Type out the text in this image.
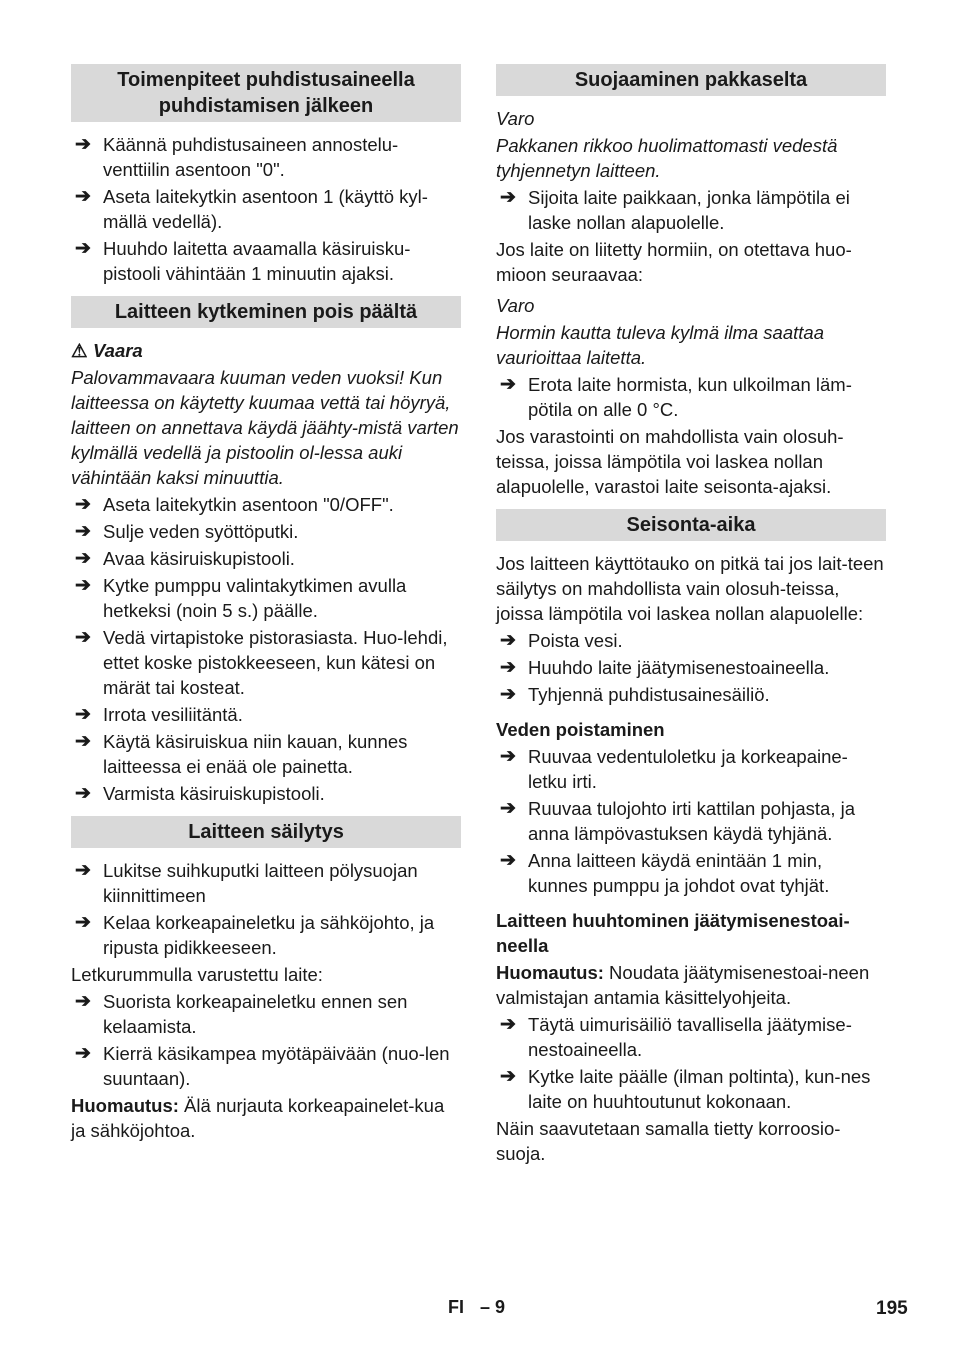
Toimenpiteet puhdistusaineella puhdistamisen jälkeen
➔ Käännä puhdistusaineen annostelu-venttiilin asentoon "0".
➔ Aseta laitekytkin asentoon 1 (käyttö kyl-mällä vedellä).
➔ Huuhdo laitetta avaamalla käsiruisku-pistooli vähintään 1 minuutin ajaksi.
Laitteen kytkeminen pois päältä

⚠ Vaara

Palovammavaara kuuman veden vuoksi! Kun laitteessa on käytetty kuumaa vettä tai höyryä, laitteen on annettava käydä jäähty-mistä varten kylmällä vedellä ja pistoolin ol-lessa auki vähintään kaksi minuuttia.

➔ Aseta laitekytkin asentoon "0/OFF".
➔ Sulje veden syöttöputki.
➔ Avaa käsiruiskupistooli.
➔ Kytke pumppu valintakytkimen avulla hetkeksi (noin 5 s.) päälle.
➔ Vedä virtapistoke pistorasiasta. Huo-lehdi, ettet koske pistokkeeseen, kun kätesi on märät tai kosteat.
➔ Irrota vesiliitäntä.
➔ Käytä käsiruiskua niin kauan, kunnes laitteessa ei enää ole painetta.
➔ Varmista käsiruiskupistooli.
Laitteen säilytys
➔ Lukitse suihkuputki laitteen pölysuojan kiinnittimeen
➔ Kelaa korkeapaineletku ja sähköjohto, ja ripusta pidikkeeseen.

Letkurummulla varustettu laite:

➔ Suorista korkeapaineletku ennen sen kelaamista.
➔ Kierrä käsikampea myötäpäivään (nuo-len suuntaan).

Huomautus: Älä nurjauta korkeapainelet-kua ja sähköjohtoa.

Suojaaminen pakkaselta

Varo

Pakkanen rikkoo huolimattomasti vedestä tyhjennetyn laitteen.

➔ Sijoita laite paikkaan, jonka lämpötila ei laske nollan alapuolelle.

Jos laite on liitetty hormiin, on otettava huo-mioon seuraavaa:

Varo

Hormin kautta tuleva kylmä ilma saattaa vaurioittaa laitetta.

➔ Erota laite hormista, kun ulkoilman läm-pötila on alle 0 °C.

Jos varastointi on mahdollista vain olosuh-teissa, joissa lämpötila voi laskea nollan alapuolelle, varastoi laite seisonta-ajaksi.

Seisonta-aika

Jos laitteen käyttötauko on pitkä tai jos lait-teen säilytys on mahdollista vain olosuh-teissa, joissa lämpötila voi laskea nollan alapuolelle:

➔ Poista vesi.
➔ Huuhdo laite jäätymisenestoaineella.
➔ Tyhjennä puhdistusainesäiliö.
Veden poistaminen
➔ Ruuvaa vedentuloletku ja korkeapaine-letku irti.
➔ Ruuvaa tulojohto irti kattilan pohjasta, ja anna lämpövastuksen käydä tyhjänä.
➔ Anna laitteen käydä enintään 1 min, kunnes pumppu ja johdot ovat tyhjät.
Laitteen huuhtominen jäätymisenestoai-neella

Huomautus: Noudata jäätymisenestoai-neen valmistajan antamia käsittelyohjeita.

➔ Täytä uimurisäiliö tavallisella jäätymise-nestoaineella.
➔ Kytke laite päälle (ilman poltinta), kun-nes laite on huuhtoutunut kokonaan.

Näin saavutetaan samalla tietty korroosio-suoja.

FI – 9	195
